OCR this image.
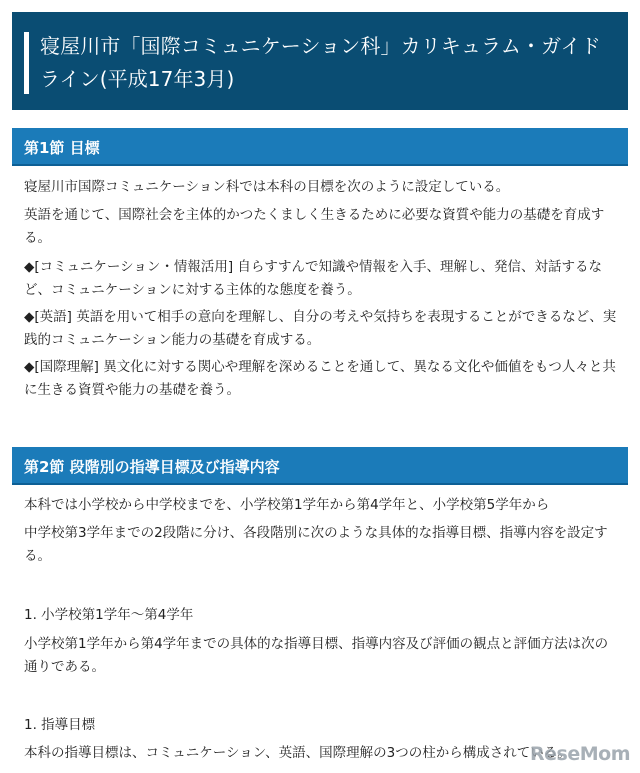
寝屋川市「国際コミュニケーション科」カリキュラム・ガイドライン(平成17年3月)
第1節 目標
寝屋川市国際コミュニケーション科では本科の目標を次のように設定している。
英語を通じて、国際社会を主体的かつたくましく生きるために必要な資質や能力の基礎を育成する。
◆[コミュニケーション・情報活用] 自らすすんで知識や情報を入手、理解し、発信、対話するなど、コミュニケーションに対する主体的な態度を養う。
◆[英語] 英語を用いて相手の意向を理解し、自分の考えや気持ちを表現することができるなど、実践的コミュニケーション能力の基礎を育成する。
◆[国際理解] 異文化に対する関心や理解を深めることを通して、異なる文化や価値をもつ人々と共に生きる資質や能力の基礎を養う。
第2節 段階別の指導目標及び指導内容
本科では小学校から中学校までを、小学校第1学年から第4学年と、小学校第5学年から
中学校第3学年までの2段階に分け、各段階別に次のような具体的な指導目標、指導内容を設定する。
1. 小学校第1学年～第4学年
小学校第1学年から第4学年までの具体的な指導目標、指導内容及び評価の観点と評価方法は次の通りである。
1. 指導目標
本科の指導目標は、コミュニケーション、英語、国際理解の3つの柱から構成されている。
ReseMom
